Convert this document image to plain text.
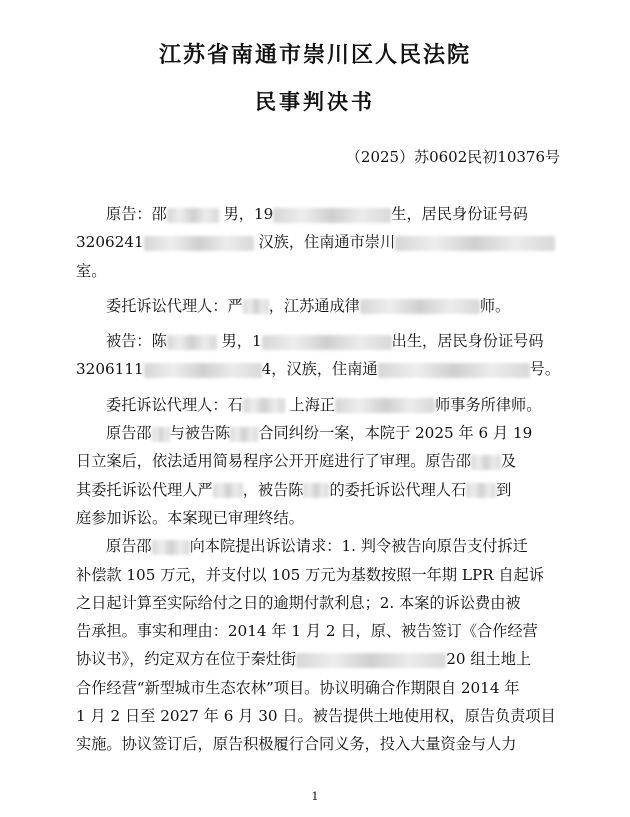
江苏省南通市崇川区人民法院
民事判决书
（2025）苏0602民初10376号
原告：邵	男，19	生，居民身份证号码
3206241	汉族，住南通市崇川
室。
委托诉讼代理人：严 ，江苏通成律	师。
被告：陈	男，1	出生，居民身份证号码
3206111	4，汉族，住南通	号。
委托诉讼代理人：石	上海正	师事务所律师。
原告邵 与被告陈 合同纠纷一案，本院于 2025 年 6 月 19
日立案后，依法适用简易程序公开开庭进行了审理。原告邵 及
其委托诉讼代理人严 ，被告陈 的委托诉讼代理人石 到
庭参加诉讼。本案现已审理终结。
原告邵	向本院提出诉讼请求：1. 判令被告向原告支付拆迁
补偿款 105 万元，并支付以 105 万元为基数按照一年期 LPR 自起诉
之日起计算至实际给付之日的逾期付款利息；2. 本案的诉讼费由被
告承担。事实和理由：2014 年 1 月 2 日，原、被告签订《合作经营
协议书》，约定双方在位于秦灶街	20 组土地上
合作经营“新型城市生态农林”项目。协议明确合作期限自 2014 年
1 月 2 日至 2027 年 6 月 30 日。被告提供土地使用权，原告负责项目
实施。协议签订后，原告积极履行合同义务，投入大量资金与人力
1
